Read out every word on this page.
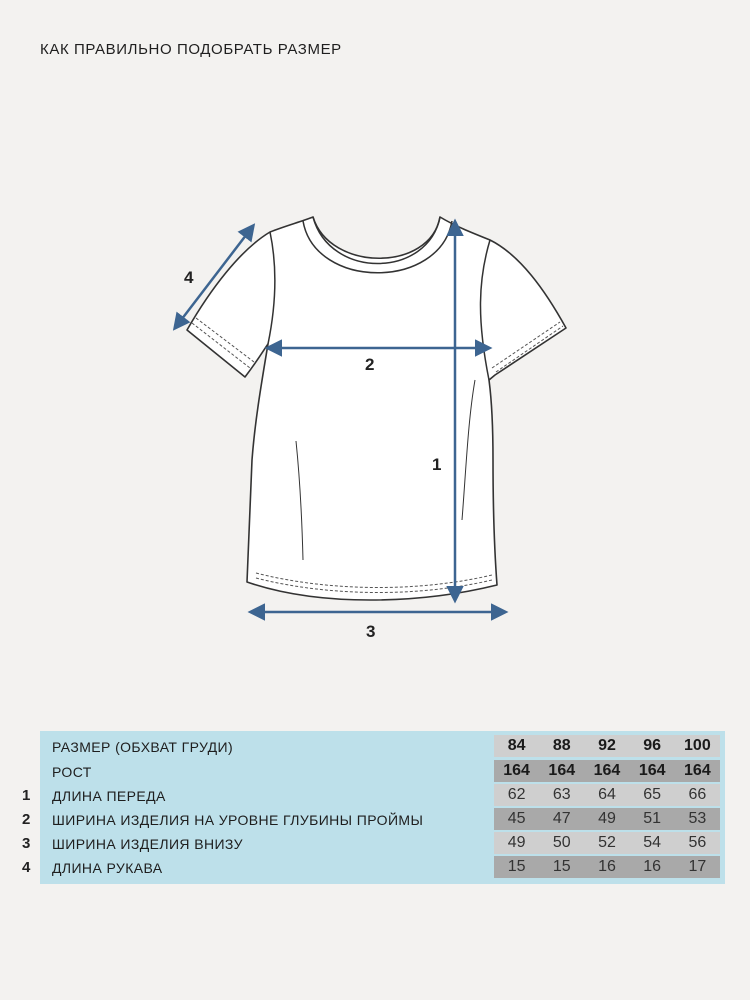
КАК ПРАВИЛЬНО ПОДОБРАТЬ РАЗМЕР
1
2
3
4
РАЗМЕР (ОБХВАТ ГРУДИ)	84	88	92	96	100
РОСТ	164	164	164	164	164
ДЛИНА ПЕРЕДА	62	63	64	65	66
ШИРИНА ИЗДЕЛИЯ НА УРОВНЕ ГЛУБИНЫ ПРОЙМЫ	45	47	49	51	53
ШИРИНА ИЗДЕЛИЯ ВНИЗУ	49	50	52	54	56
ДЛИНА РУКАВА	15	15	16	16	17
1
2
3
4
